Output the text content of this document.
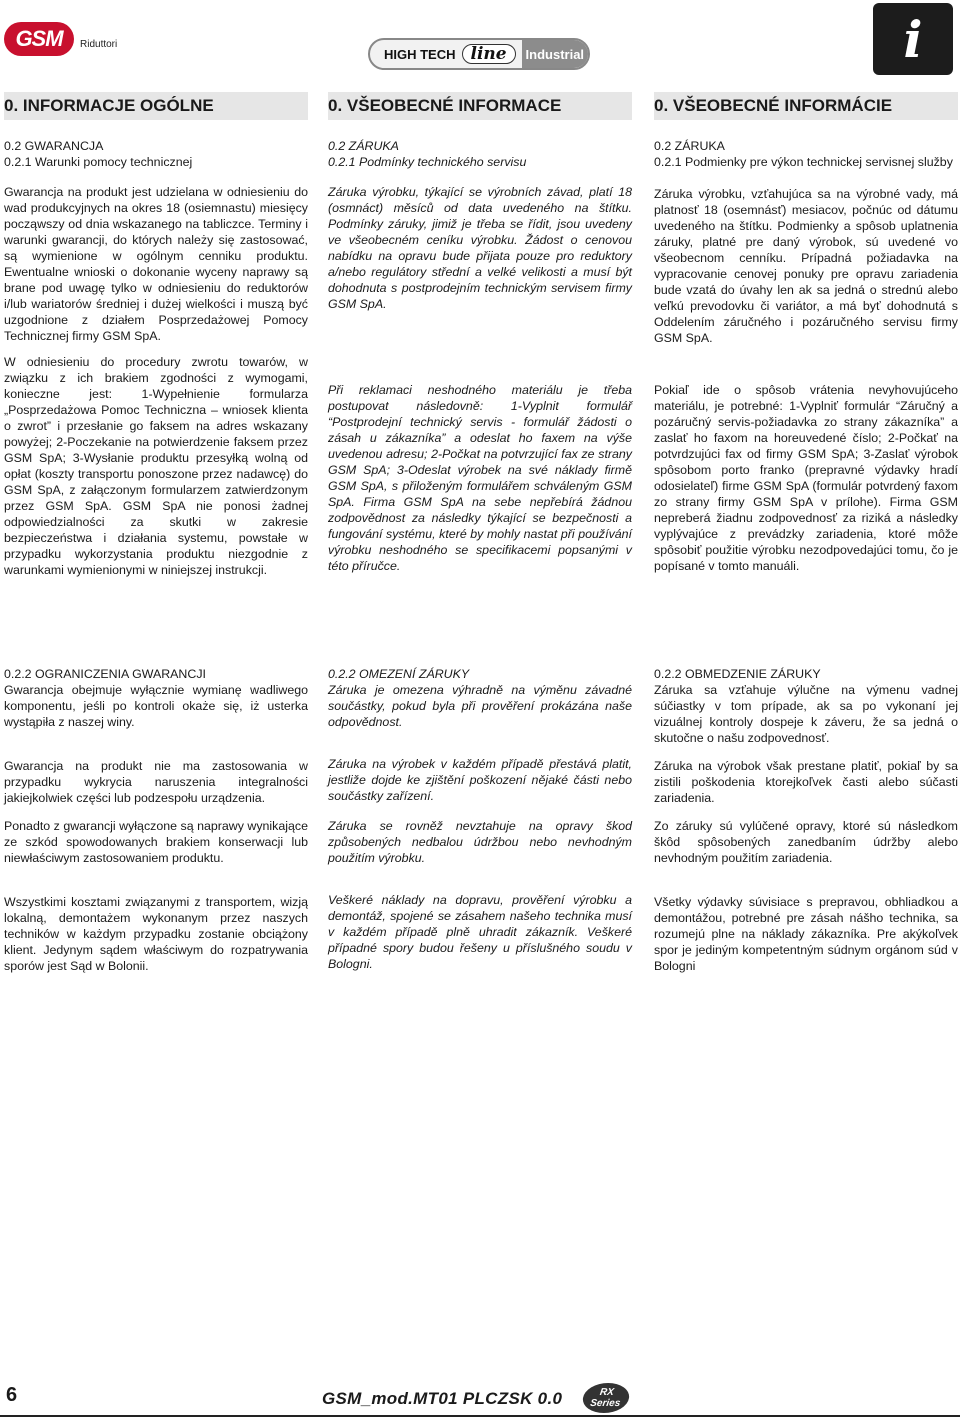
GSM Riduttori
HIGH TECH line	Industrial	i
0. INFORMACJE OGÓLNE
0.2 GWARANCJA
0.2.1 Warunki pomocy technicznej
Gwarancja na produkt jest udzielana w odniesieniu do wad produkcyjnych na okres 18 (osiemnastu) miesięcy począwszy od dnia wskazanego na tabliczce. Terminy i warunki gwarancji, do których należy się zastosować, są wymienione w ogólnym cenniku produktu. Ewentualne wnioski o dokonanie wyceny naprawy są brane pod uwagę tylko w odniesieniu do reduktorów i/lub wariatorów średniej i dużej wielkości i muszą być uzgodnione z działem Posprzedażowej Pomocy Technicznej firmy GSM SpA.
W odniesieniu do procedury zwrotu towarów, w związku z ich brakiem zgodności z wymogami, konieczne jest: 1-Wypełnienie formularza „Posprzedażowa Pomoc Techniczna – wniosek klienta o zwrot” i przesłanie go faksem na adres wskazany powyżej; 2-Poczekanie na potwierdzenie faksem przez GSM SpA; 3-Wysłanie produktu przesyłką wolną od opłat (koszty transportu ponoszone przez nadawcę) do GSM SpA, z załączonym formularzem zatwierdzonym przez GSM SpA. GSM SpA nie ponosi żadnej odpowiedzialności za skutki w zakresie bezpieczeństwa i działania systemu, powstałe w przypadku wykorzystania produktu niezgodnie z warunkami wymienionymi w niniejszej instrukcji.
0.2.2 OGRANICZENIA GWARANCJI
Gwarancja obejmuje wyłącznie wymianę wadliwego komponentu, jeśli po kontroli okaże się, iż usterka wystąpiła z naszej winy.
Gwarancja na produkt nie ma zastosowania w przypadku wykrycia naruszenia integralności jakiejkolwiek części lub podzespołu urządzenia.
Ponadto z gwarancji wyłączone są naprawy wynikające ze szkód spowodowanych brakiem konserwacji lub niewłaściwym zastosowaniem produktu.
Wszystkimi kosztami związanymi z transportem, wizją lokalną, demontażem wykonanym przez naszych techników w każdym przypadku zostanie obciążony klient. Jedynym sądem właściwym do rozpatrywania sporów jest Sąd w Bolonii.
0. VŠEOBECNÉ INFORMACE
0.2 ZÁRUKA
0.2.1 Podmínky technického servisu
Záruka výrobku, týkající se výrobních závad, platí 18 (osmnáct) měsíců od data uvedeného na štítku. Podmínky záruky, jimiž je třeba se řídit, jsou uvedeny ve všeobecném ceníku výrobku. Žádost o cenovou nabídku na opravu bude přijata pouze pro reduktory a/nebo regulátory střední a velké velikosti a musí být dohodnuta s postprodejním technickým servisem firmy GSM SpA.
Při reklamaci neshodného materiálu je třeba postupovat následovně: 1-Vyplnit formulář “Postprodejní technický servis - formulář žádosti o zásah u zákazníka” a odeslat ho faxem na výše uvedenou adresu; 2-Počkat na potvrzující fax ze strany GSM SpA; 3-Odeslat výrobek na své náklady firmě GSM SpA, s přiloženým formulářem schváleným GSM SpA. Firma GSM SpA na sebe nepřebírá žádnou zodpovědnost za následky týkající se bezpečnosti a fungování systému, které by mohly nastat při používání výrobku neshodného se specifikacemi popsanými v této příručce.
0.2.2 OMEZENÍ ZÁRUKY
Záruka je omezena výhradně na výměnu závadné součástky, pokud byla při prověření prokázána naše odpovědnost.
Záruka na výrobek v každém případě přestává platit, jestliže dojde ke zjištění poškození nějaké části nebo součástky zařízení.
Záruka se rovněž nevztahuje na opravy škod způsobených nedbalou údržbou nebo nevhodným použitím výrobku.
Veškeré náklady na dopravu, prověření výrobku a demontáž, spojené se zásahem našeho technika musí v každém případě plně uhradit zákazník. Veškeré případné spory budou řešeny u příslušného soudu v Bologni.
0. VŠEOBECNÉ INFORMÁCIE
0.2 ZÁRUKA
0.2.1 Podmienky pre výkon technickej servisnej služby
Záruka výrobku, vzťahujúca sa na výrobné vady, má platnosť 18 (osemnásť) mesiacov, počnúc od dátumu uvedeného na štítku. Podmienky a spôsob uplatnenia záruky, platné pre daný výrobok, sú uvedené vo všeobecnom cenníku. Prípadná požiadavka na vypracovanie cenovej ponuky pre opravu zariadenia bude vzatá do úvahy len ak sa jedná o strednú alebo veľkú prevodovku či variátor, a má byť dohodnutá s Oddelením záručného i pozáručného servisu firmy GSM SpA.
Pokiaľ ide o spôsob vrátenia nevyhovujúceho materiálu, je potrebné: 1-Vyplniť formulár “Záručný a pozáručný servis-požiadavka zo strany zákazníka” a zaslať ho faxom na horeuvedené číslo; 2-Počkať na potvrdzujúci fax od firmy GSM SpA; 3-Zaslať výrobok spôsobom porto franko (prepravné výdavky hradí odosielateľ) firme GSM SpA (formulár potvrdený faxom zo strany firmy GSM SpA v prílohe). Firma GSM nepreberá žiadnu zodpovednosť za riziká a následky vyplývajúce z prevádzky zariadenia, ktoré môže spôsobiť použitie výrobku nezodpovedajúci tomu, čo je popísané v tomto manuáli.
0.2.2 OBMEDZENIE ZÁRUKY
Záruka sa vzťahuje výlučne na výmenu vadnej súčiastky v tom prípade, ak sa po vykonaní jej vizuálnej kontroly dospeje k záveru, že sa jedná o skutočne o našu zodpovednosť.
Záruka na výrobok však prestane platiť, pokiaľ by sa zistili poškodenia ktorejkoľvek časti alebo súčasti zariadenia.
Zo záruky sú vylúčené opravy, ktoré sú následkom škôd spôsobených zanedbaním údržby alebo nevhodným použitím zariadenia.
Všetky výdavky súvisiace s prepravou, obhliadkou a demontážou, potrebné pre zásah nášho technika, sa rozumejú plne na náklady zákazníka. Pre akýkoľvek spor je jediným kompetentným súdnym orgánom súd v Bologni
6	GSM_mod.MT01 PLCZSK 0.0	RX
Series
